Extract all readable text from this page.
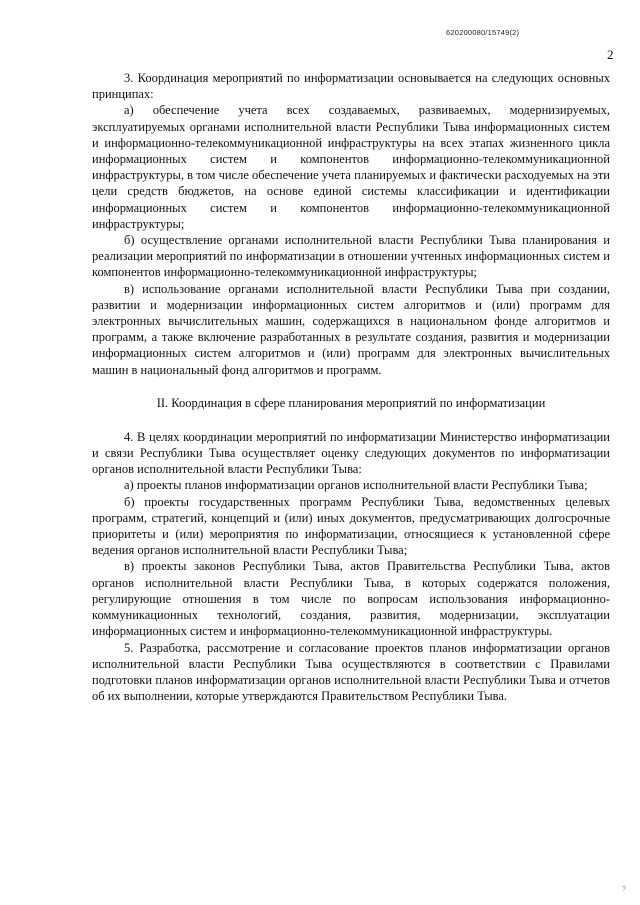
620200080/15749(2)
2

3. Координация мероприятий по информатизации основывается на следующих основных принципах:

а) обеспечение учета всех создаваемых, развиваемых, модернизируемых, эксплуатируемых органами исполнительной власти Республики Тыва информационных систем и информационно-телекоммуникационной инфраструктуры на всех этапах жизненного цикла информационных систем и компонентов информационно-телекоммуникационной инфраструктуры, в том числе обеспечение учета планируемых и фактически расходуемых на эти цели средств бюджетов, на основе единой системы классификации и идентификации информационных систем и компонентов информационно-телекоммуникационной инфраструктуры;

б) осуществление органами исполнительной власти Республики Тыва планирования и реализации мероприятий по информатизации в отношении учтенных информационных систем и компонентов информационно-телекоммуникационной инфраструктуры;

в) использование органами исполнительной власти Республики Тыва при создании, развитии и модернизации информационных систем алгоритмов и (или) программ для электронных вычислительных машин, содержащихся в национальном фонде алгоритмов и программ, а также включение разработанных в результате создания, развития и модернизации информационных систем алгоритмов и (или) программ для электронных вычислительных машин в национальный фонд алгоритмов и программ.

II. Координация в сфере планирования мероприятий по информатизации

4. В целях координации мероприятий по информатизации Министерство информатизации и связи Республики Тыва осуществляет оценку следующих документов по информатизации органов исполнительной власти Республики Тыва:

а) проекты планов информатизации органов исполнительной власти Республики Тыва;

б) проекты государственных программ Республики Тыва, ведомственных целевых программ, стратегий, концепций и (или) иных документов, предусматривающих долгосрочные приоритеты и (или) мероприятия по информатизации, относящиеся к установленной сфере ведения органов исполнительной власти Республики Тыва;

в) проекты законов Республики Тыва, актов Правительства Республики Тыва, актов органов исполнительной власти Республики Тыва, в которых содержатся положения, регулирующие отношения в том числе по вопросам использования информационно-коммуникационных технологий, создания, развития, модернизации, эксплуатации информационных систем и информационно-телекоммуникационной инфраструктуры.

5. Разработка, рассмотрение и согласование проектов планов информатизации органов исполнительной власти Республики Тыва осуществляются в соответствии с Правилами подготовки планов информатизации органов исполнительной власти Республики Тыва и отчетов об их выполнении, которые утверждаются Правительством Республики Тыва.

?
